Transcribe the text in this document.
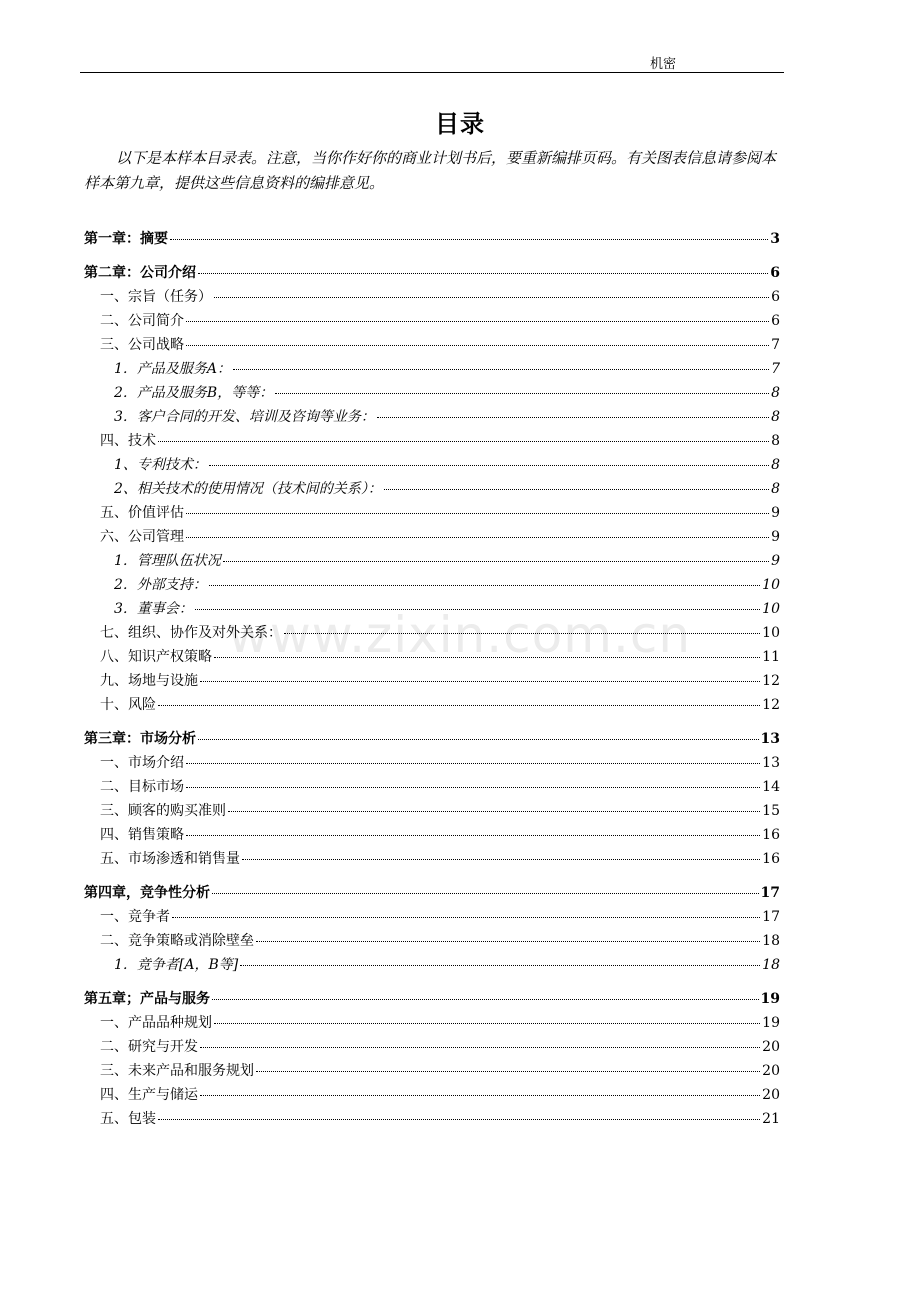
机密
目录
以下是本样本目录表。注意，当你作好你的商业计划书后，要重新编排页码。有关图表信息请参阅本样本第九章，提供这些信息资料的编排意见。
www.zixin.com.cn
第一章：摘要	3
第二章：公司介绍	6
一、宗旨（任务）	6
二、公司简介	6
三、公司战略	7
1．产品及服务A：	7
2．产品及服务B，等等：	8
3．客户合同的开发、培训及咨询等业务：	8
四、技术	8
1、专利技术：	8
2、相关技术的使用情况（技术间的关系）：	8
五、价值评估	9
六、公司管理	9
1．管理队伍状况	9
2．外部支持：	10
3．董事会：	10
七、组织、协作及对外关系：	10
八、知识产权策略	11
九、场地与设施	12
十、风险	12
第三章：市场分析	13
一、市场介绍	13
二、目标市场	14
三、顾客的购买准则	15
四、销售策略	16
五、市场渗透和销售量	16
第四章，竞争性分析	17
一、竞争者	17
二、竞争策略或消除壁垒	18
1．竞争者[A，B等]	18
第五章；产品与服务	19
一、产品品种规划	19
二、研究与开发	20
三、未来产品和服务规划	20
四、生产与储运	20
五、包装	21
